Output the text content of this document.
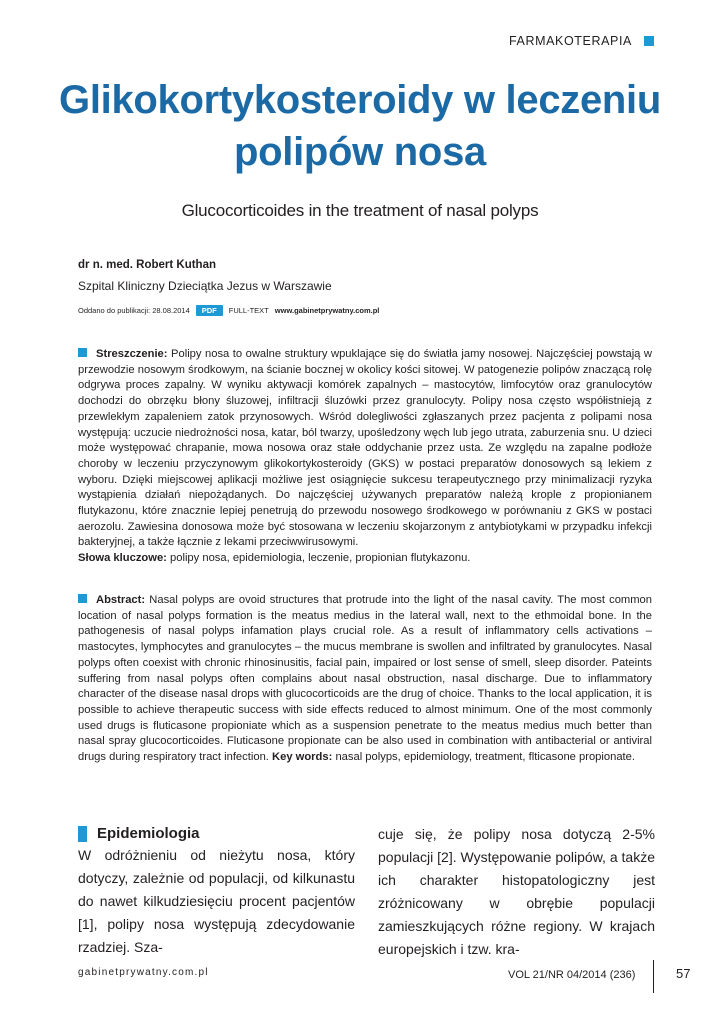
FARMAKOTERAPIA
Glikokortykosteroidy w leczeniu
polipów nosa
Glucocorticoides in the treatment of nasal polyps
dr n. med. Robert Kuthan
Szpital Kliniczny Dzieciątka Jezus w Warszawie
Oddano do publikacji: 28.08.2014	PDF	FULL-TEXT www.gabinetprywatny.com.pl
Streszczenie: Polipy nosa to owalne struktury wpuklające się do światła jamy nosowej. Najczęściej powstają w przewodzie nosowym środkowym, na ścianie bocznej w okolicy kości sitowej. W patogenezie polipów znaczącą rolę odgrywa proces zapalny. W wyniku aktywacji komórek zapalnych – mastocytów, limfocytów oraz granulocytów dochodzi do obrzęku błony śluzowej, infiltracji śluzówki przez granulocyty. Polipy nosa często współistnieją z przewlekłym zapaleniem zatok przynosowych. Wśród dolegliwości zgłaszanych przez pacjenta z polipami nosa występują: uczucie niedrożności nosa, katar, ból twarzy, upośledzony węch lub jego utrata, zaburzenia snu. U dzieci może występować chrapanie, mowa nosowa oraz stałe oddychanie przez usta. Ze względu na zapalne podłoże choroby w leczeniu przyczynowym glikokortykosteroidy (GKS) w postaci preparatów donosowych są lekiem z wyboru. Dzięki miejscowej aplikacji możliwe jest osiągnięcie sukcesu terapeutycznego przy minimalizacji ryzyka wystąpienia działań niepożądanych. Do najczęściej używanych preparatów należą krople z propionianem flutykazonu, które znacznie lepiej penetrują do przewodu nosowego środkowego w porównaniu z GKS w postaci aerozolu. Zawiesina donosowa może być stosowana w leczeniu skojarzonym z antybiotykami w przypadku infekcji bakteryjnej, a także łącznie z lekami przeciwwirusowymi.
Słowa kluczowe: polipy nosa, epidemiologia, leczenie, propionian flutykazonu.
Abstract: Nasal polyps are ovoid structures that protrude into the light of the nasal cavity. The most common location of nasal polyps formation is the meatus medius in the lateral wall, next to the ethmoidal bone. In the pathogenesis of nasal polyps infamation plays crucial role. As a result of inflammatory cells activations – mastocytes, lymphocytes and granulocytes – the mucus membrane is swollen and infiltrated by granulocytes. Nasal polyps often coexist with chronic rhinosinusitis, facial pain, impaired or lost sense of smell, sleep disorder. Pateints suffering from nasal polyps often complains about nasal obstruction, nasal discharge. Due to inflammatory character of the disease nasal drops with glucocorticoids are the drug of choice. Thanks to the local application, it is possible to achieve therapeutic success with side effects reduced to almost minimum. One of the most commonly used drugs is fluticasone propioniate which as a suspension penetrate to the meatus medius much better than nasal spray glucocorticoides. Fluticasone propionate can be also used in combination with antibacterial or antiviral drugs during respiratory tract infection. Key words: nasal polyps, epidemiology, treatment, flticasone propionate.
Epidemiologia
W odróżnieniu od nieżytu nosa, który dotyczy, zależnie od populacji, od kilkunastu do nawet kilkudziesięciu procent pacjentów [1], polipy nosa występują zdecydowanie rzadziej. Sza-
cuje się, że polipy nosa dotyczą 2-5% populacji [2]. Występowanie polipów, a także ich charakter histopatologiczny jest zróżnicowany w obrębie populacji zamieszkujących różne regiony. W krajach europejskich i tzw. kra-
gabinetprywatny.com.pl	VOL 21/NR 04/2014 (236)	57
